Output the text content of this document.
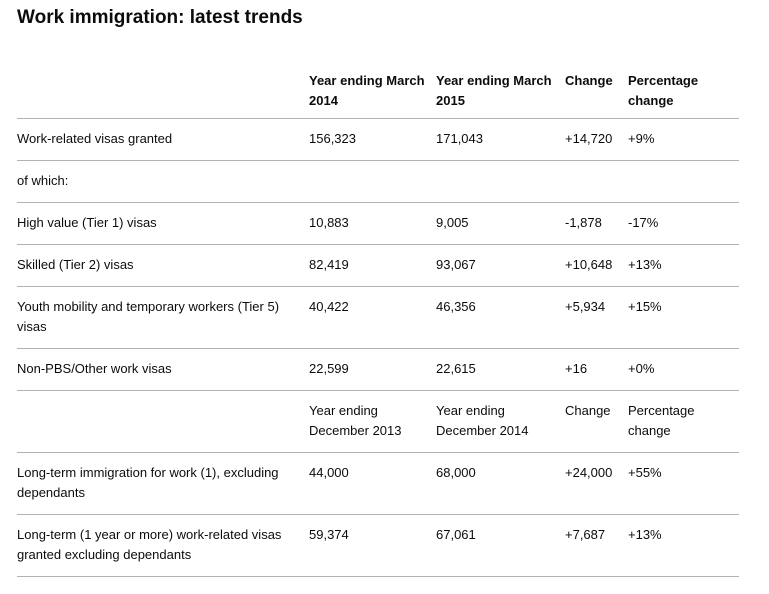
Work immigration: latest trends
	Year ending March 2014	Year ending March 2015	Change	Percentage change
Work-related visas granted	156,323	171,043	+14,720	+9%
of which:				
High value (Tier 1) visas	10,883	9,005	-1,878	-17%
Skilled (Tier 2) visas	82,419	93,067	+10,648	+13%
Youth mobility and temporary workers (Tier 5) visas	40,422	46,356	+5,934	+15%
Non-PBS/Other work visas	22,599	22,615	+16	+0%
	Year ending December 2013	Year ending December 2014	Change	Percentage change
Long-term immigration for work (1), excluding dependants	44,000	68,000	+24,000	+55%
Long-term (1 year or more) work-related visas granted excluding dependants	59,374	67,061	+7,687	+13%
